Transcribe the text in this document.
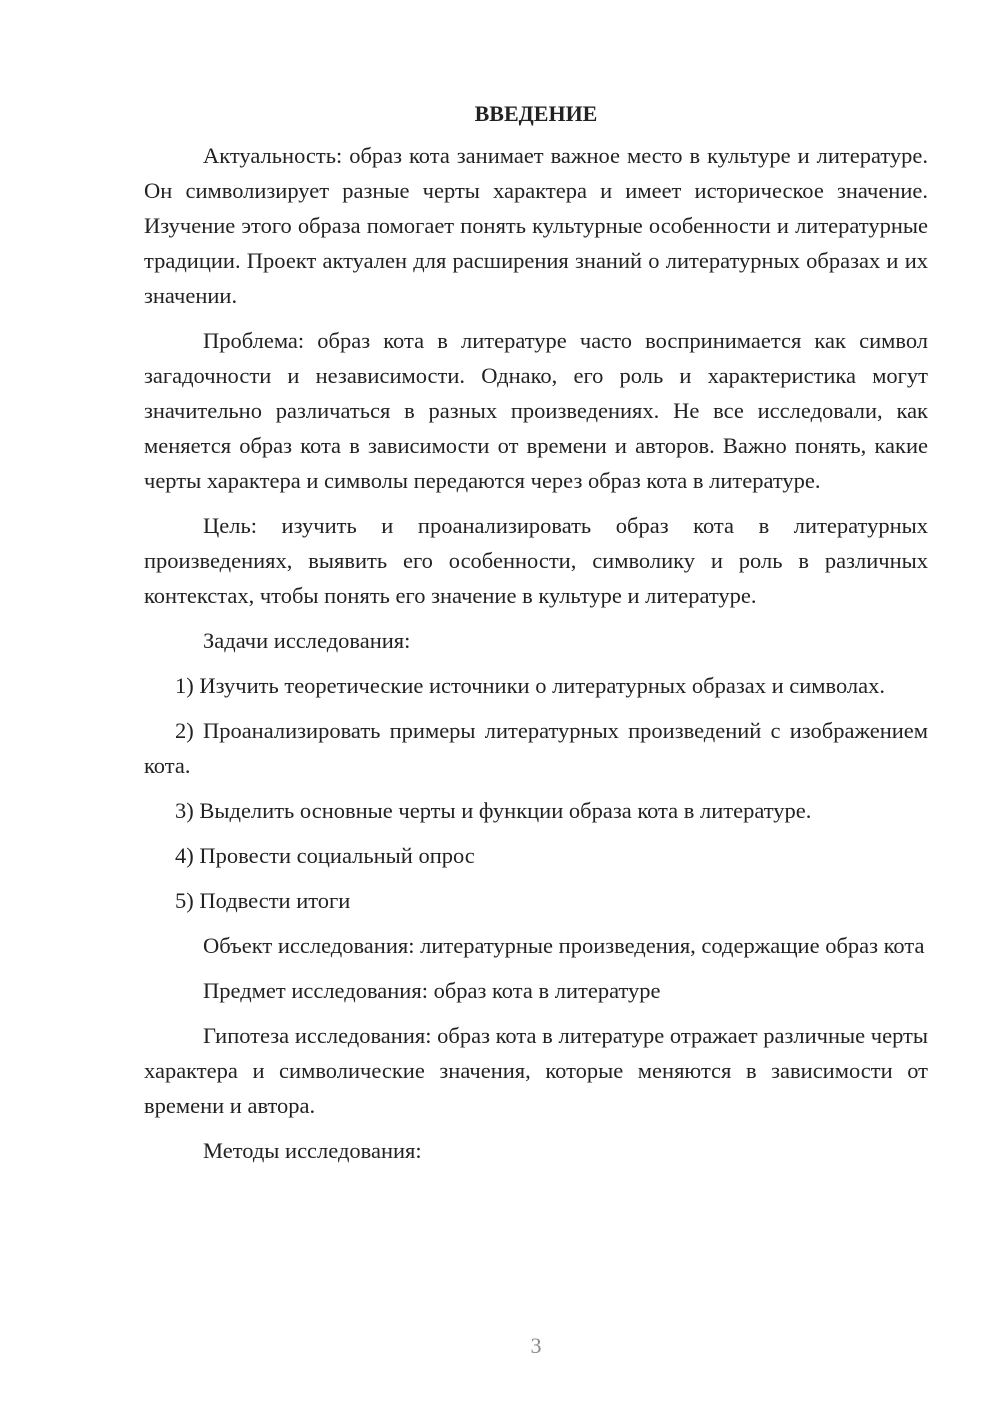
ВВЕДЕНИЕ

Актуальность: образ кота занимает важное место в культуре и литературе. Он символизирует разные черты характера и имеет историческое значение. Изучение этого образа помогает понять культурные особенности и литературные традиции. Проект актуален для расширения знаний о литературных образах и их значении.

Проблема: образ кота в литературе часто воспринимается как символ загадочности и независимости. Однако, его роль и характеристика могут значительно различаться в разных произведениях. Не все исследовали, как меняется образ кота в зависимости от времени и авторов. Важно понять, какие черты характера и символы передаются через образ кота в литературе.

Цель: изучить и проанализировать образ кота в литературных произведениях, выявить его особенности, символику и роль в различных контекстах, чтобы понять его значение в культуре и литературе.

Задачи исследования:

1) Изучить теоретические источники о литературных образах и символах.

2) Проанализировать примеры литературных произведений с изображением кота.

3) Выделить основные черты и функции образа кота в литературе.

4) Провести социальный опрос

5) Подвести итоги

Объект исследования: литературные произведения, содержащие образ кота

Предмет исследования: образ кота в литературе

Гипотеза исследования: образ кота в литературе отражает различные черты характера и символические значения, которые меняются в зависимости от времени и автора.

Методы исследования:

3
